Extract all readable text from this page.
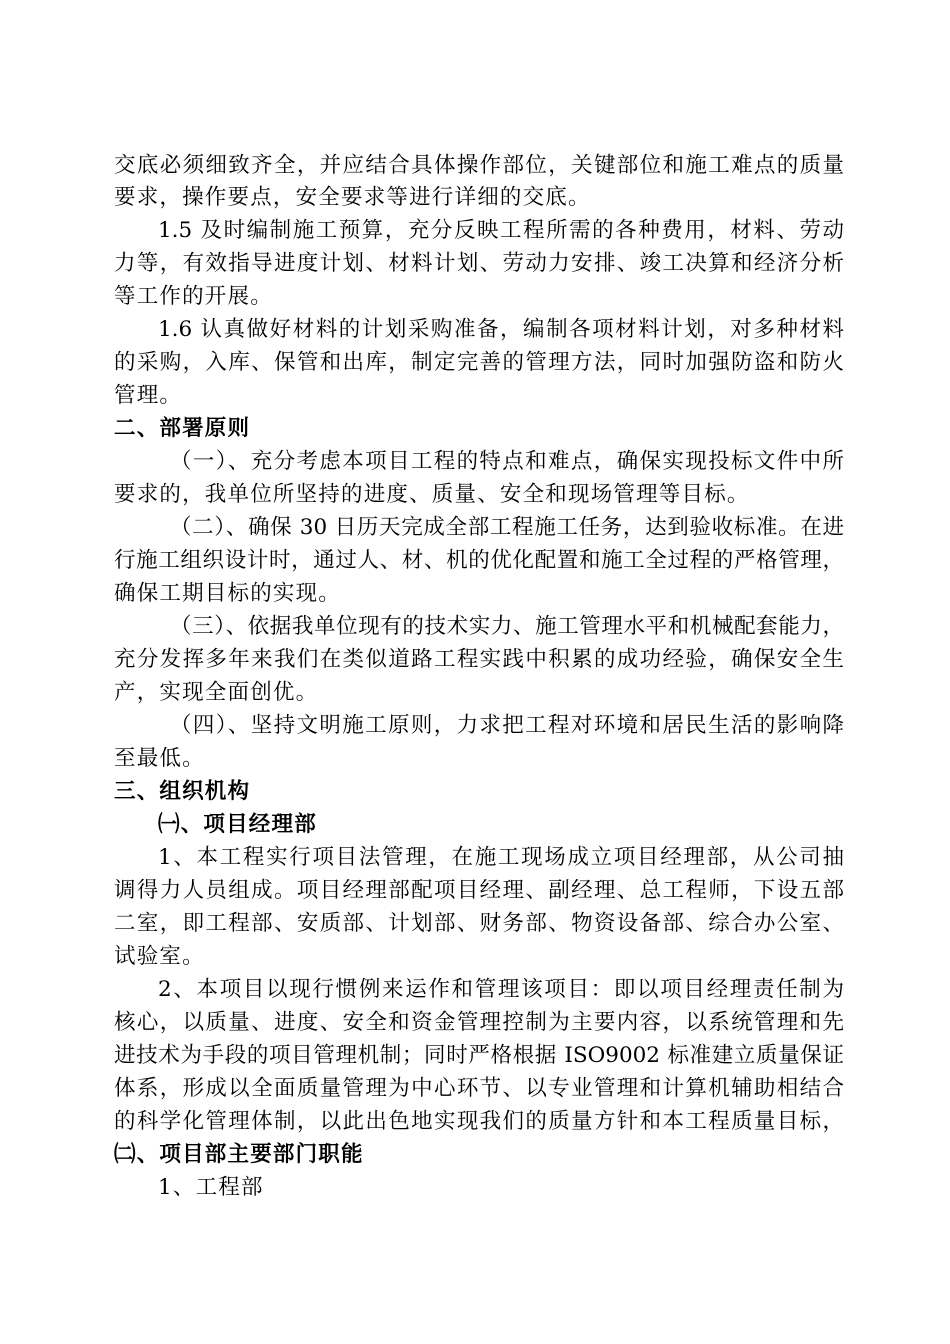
交底必须细致齐全，并应结合具体操作部位，关键部位和施工难点的质量
要求，操作要点，安全要求等进行详细的交底。
1.5 及时编制施工预算，充分反映工程所需的各种费用，材料、劳动
力等，有效指导进度计划、材料计划、劳动力安排、竣工决算和经济分析
等工作的开展。
1.6 认真做好材料的计划采购准备，编制各项材料计划，对多种材料
的采购，入库、保管和出库，制定完善的管理方法，同时加强防盗和防火
管理。
二、部署原则
（一）、充分考虑本项目工程的特点和难点，确保实现投标文件中所
要求的，我单位所坚持的进度、质量、安全和现场管理等目标。
（二）、确保 30 日历天完成全部工程施工任务，达到验收标准。在进
行施工组织设计时，通过人、材、机的优化配置和施工全过程的严格管理，
确保工期目标的实现。
（三）、依据我单位现有的技术实力、施工管理水平和机械配套能力，
充分发挥多年来我们在类似道路工程实践中积累的成功经验，确保安全生
产，实现全面创优。
（四）、坚持文明施工原则，力求把工程对环境和居民生活的影响降
至最低。
三、组织机构
㈠、项目经理部
1、本工程实行项目法管理，在施工现场成立项目经理部，从公司抽
调得力人员组成。项目经理部配项目经理、副经理、总工程师，下设五部
二室，即工程部、安质部、计划部、财务部、物资设备部、综合办公室、
试验室。
2、本项目以现行惯例来运作和管理该项目：即以项目经理责任制为
核心，以质量、进度、安全和资金管理控制为主要内容，以系统管理和先
进技术为手段的项目管理机制；同时严格根据 ISO9002 标准建立质量保证
体系，形成以全面质量管理为中心环节、以专业管理和计算机辅助相结合
的科学化管理体制，以此出色地实现我们的质量方针和本工程质量目标，
㈡、项目部主要部门职能
1、工程部
